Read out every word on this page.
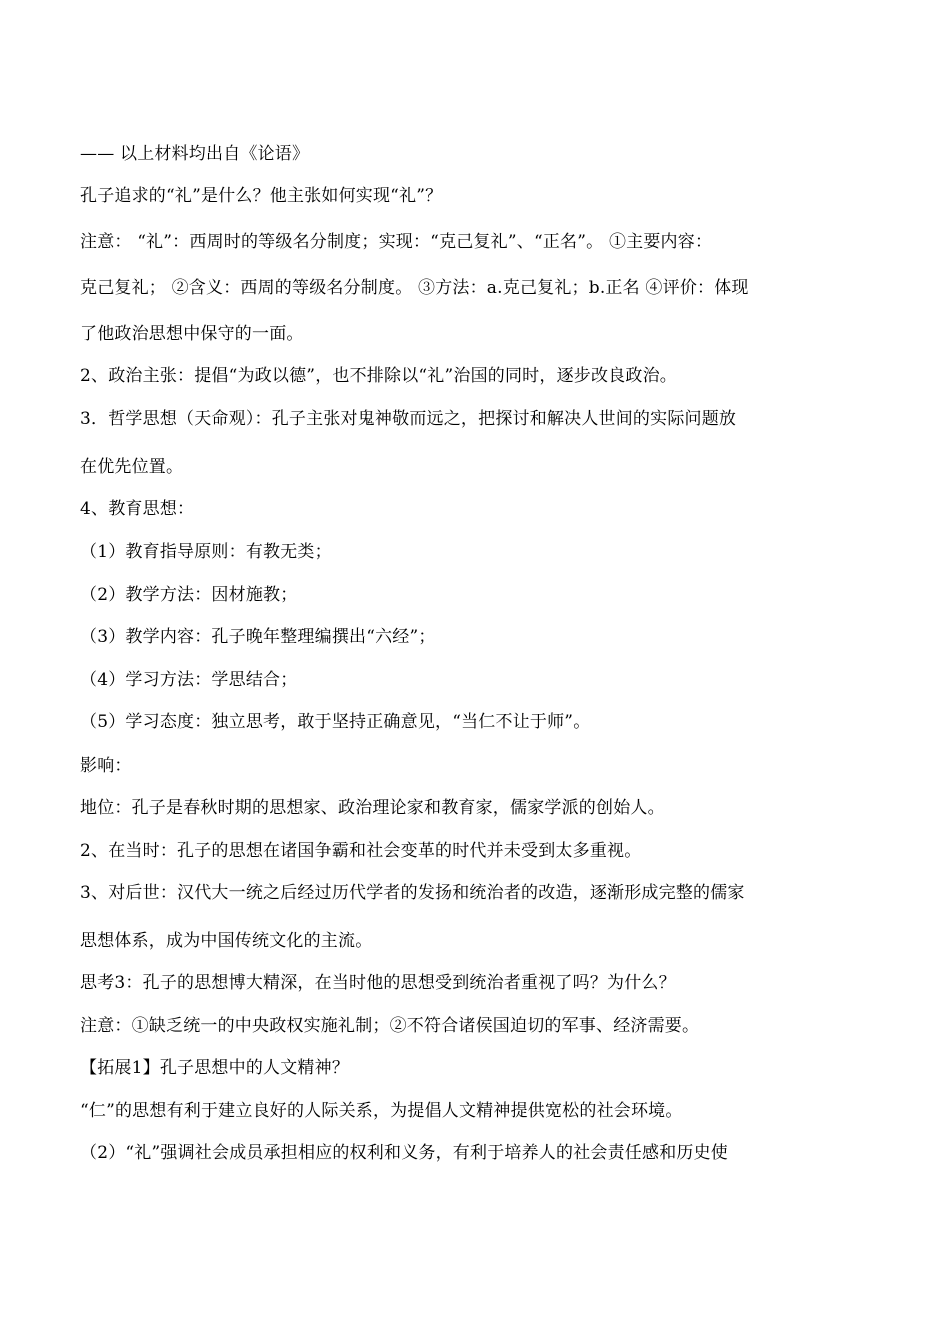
—— 以上材料均出自《论语》
孔子追求的“礼”是什么？他主张如何实现“礼”？
注意： “礼”：西周时的等级名分制度；实现：“克己复礼”、“正名”。 ①主要内容：
克己复礼； ②含义：西周的等级名分制度。 ③方法：a.克己复礼；b.正名 ④评价：体现
了他政治思想中保守的一面。
2、政治主张：提倡“为政以德”，也不排除以“礼”治国的同时，逐步改良政治。
3．哲学思想（天命观）：孔子主张对鬼神敬而远之，把探讨和解决人世间的实际问题放
在优先位置。
4、教育思想：
（1）教育指导原则：有教无类；
（2）教学方法：因材施教；
（3）教学内容：孔子晚年整理编撰出“六经”；
（4）学习方法：学思结合；
（5）学习态度：独立思考，敢于坚持正确意见，“当仁不让于师”。
影响：
地位：孔子是春秋时期的思想家、政治理论家和教育家，儒家学派的创始人。
2、在当时：孔子的思想在诸国争霸和社会变革的时代并未受到太多重视。
3、对后世：汉代大一统之后经过历代学者的发扬和统治者的改造，逐渐形成完整的儒家
思想体系，成为中国传统文化的主流。
思考3：孔子的思想博大精深，在当时他的思想受到统治者重视了吗？为什么？
注意：①缺乏统一的中央政权实施礼制；②不符合诸侯国迫切的军事、经济需要。
【拓展1】孔子思想中的人文精神？
“仁”的思想有利于建立良好的人际关系，为提倡人文精神提供宽松的社会环境。
（2）“礼”强调社会成员承担相应的权利和义务，有利于培养人的社会责任感和历史使
